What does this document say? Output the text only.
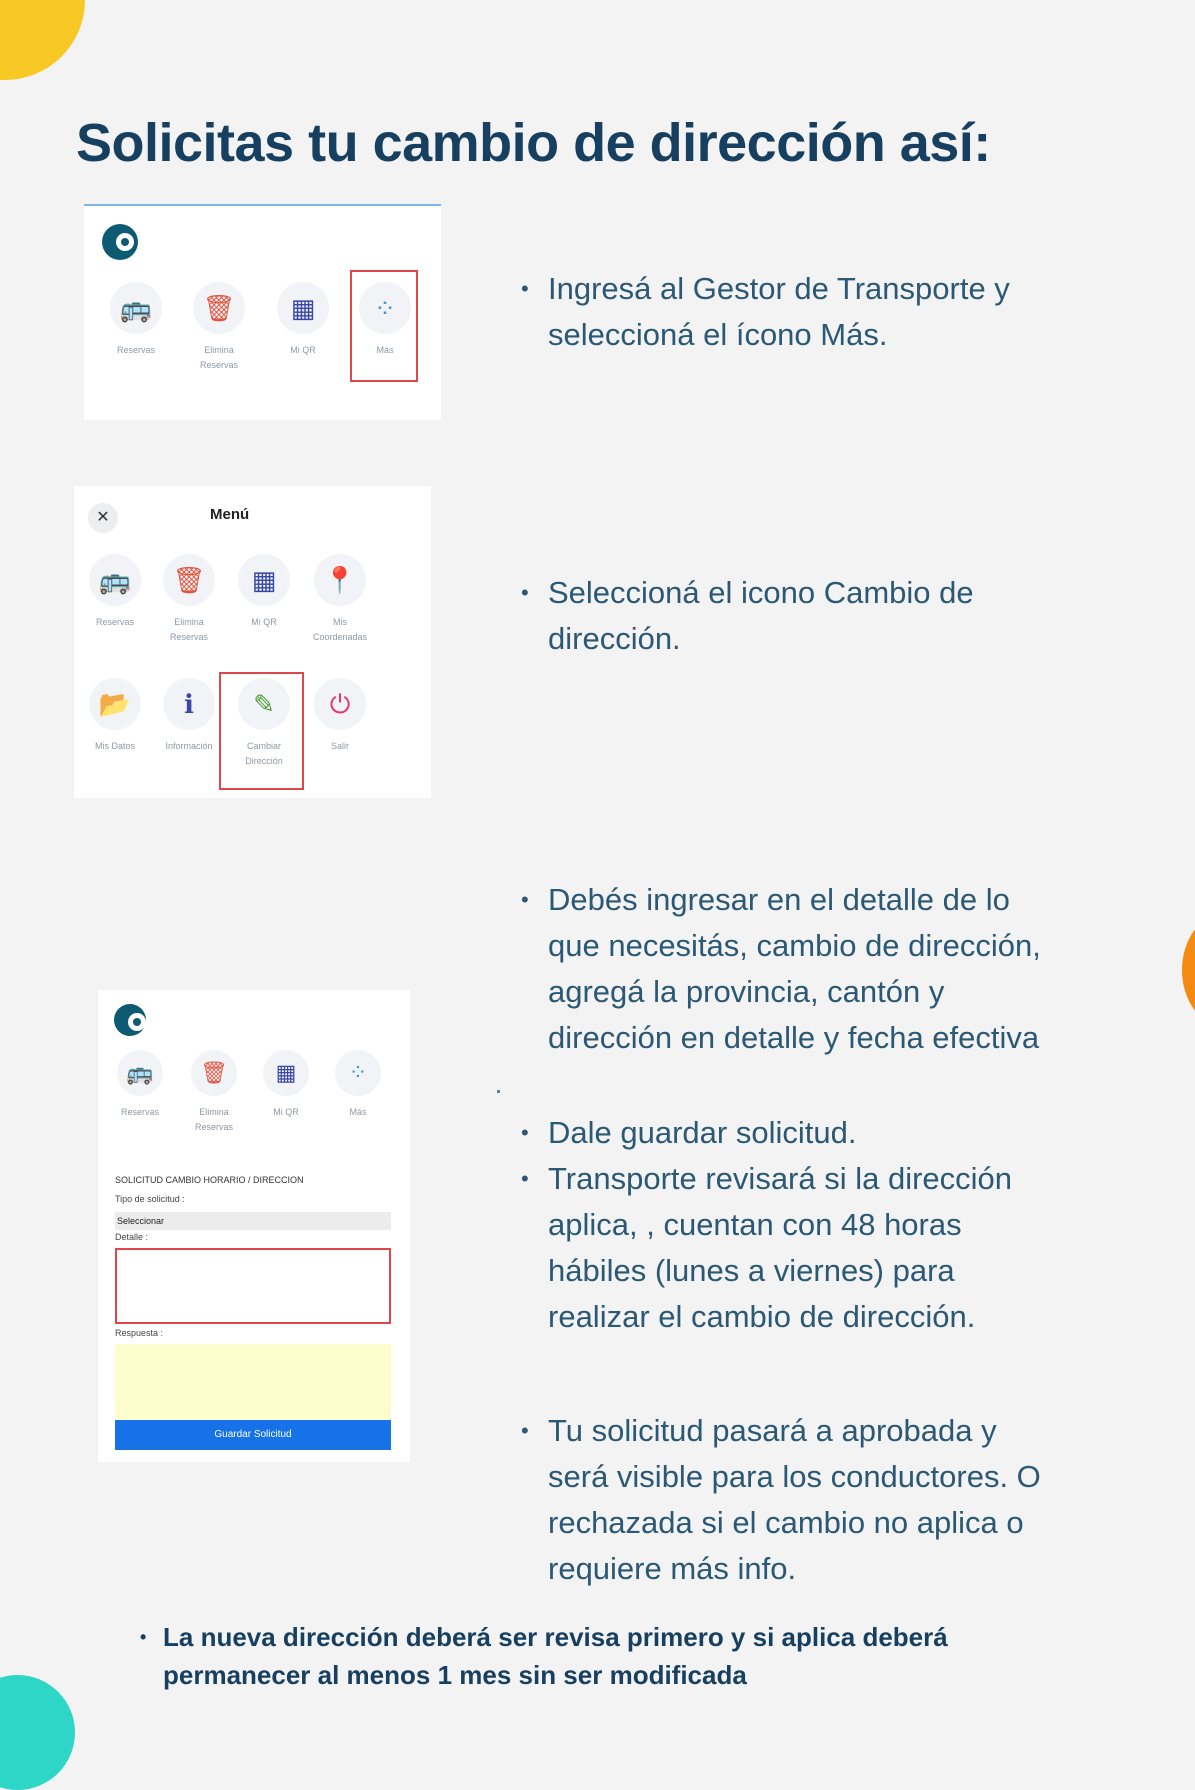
Solicitas tu cambio de dirección así:
🚌
Reservas
🗑
Elimina
Reservas
▦
Mi QR
⁘
Más
✕	Menú
🚌
Reservas
🗑
Elimina
Reservas
▦
Mi QR
📍
Mis
Coordenadas
📂
Mis Datos
ℹ
Información
✎
Cambiar
Dirección
⏻
Salir
🚌
Reservas
🗑
Elimina
Reservas
▦
Mi QR
⁘
Más
SOLICITUD CAMBIO HORARIO / DIRECCION
Tipo de solicitud :
Seleccionar
Detalle :
Respuesta :
Guardar Solicitud
• Ingresá al Gestor de Transporte y
seleccioná el ícono Más.
• Seleccioná el icono Cambio de
dirección.
• Debés ingresar en el detalle de lo
que necesitás, cambio de dirección,
agregá la provincia, cantón y
dirección en detalle y fecha efectiva
• Dale guardar solicitud.
• Transporte revisará si la dirección
aplica, , cuentan con 48 horas
hábiles (lunes a viernes) para
realizar el cambio de dirección.
• Tu solicitud pasará a aprobada y
será visible para los conductores. O
rechazada si el cambio no aplica o
requiere más info.
• La nueva dirección deberá ser revisa primero y si aplica deberá
permanecer al menos 1 mes sin ser modificada
